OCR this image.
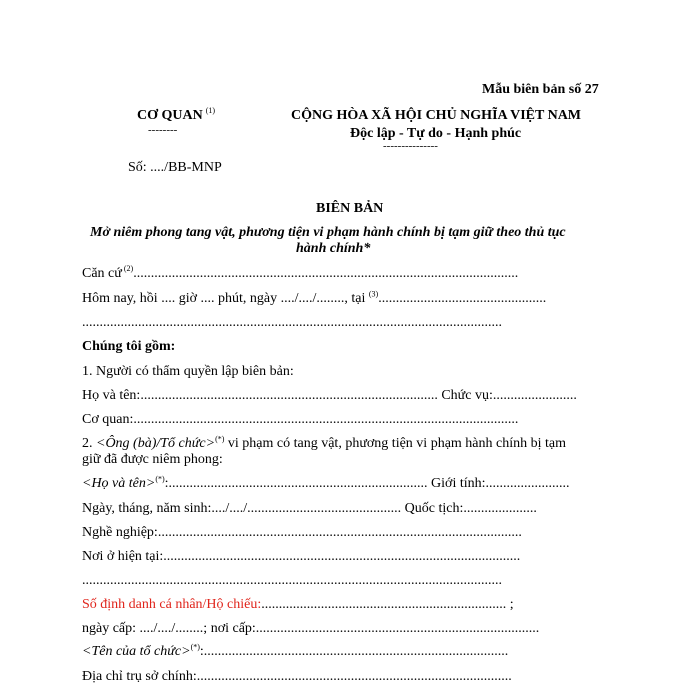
Mẫu biên bản số 27
CƠ QUAN $^{(1)}$
--------
Số: ..../BB-MNP
CỘNG HÒA XÃ HỘI CHỦ NGHĨA VIỆT NAM
Độc lập - Tự do - Hạnh phúc
---------------
BIÊN BẢN
Mở niêm phong tang vật, phương tiện vi phạm hành chính bị tạm giữ theo thủ tục
hành chính*
Căn cứ $^{(2)}$..............................................................................................................
Hôm nay, hồi .... giờ .... phút, ngày ..../..../........, tại $^{(3)}$................................................
........................................................................................................................
Chúng tôi gồm:
1. Người có thẩm quyền lập biên bản:
Họ và tên:..................................................................................... Chức vụ:........................
Cơ quan:..............................................................................................................
2. <Ông (bà)/Tổ chức>(*) vi phạm có tang vật, phương tiện vi phạm hành chính bị tạm
giữ đã được niêm phong:
<Họ và tên>(*):.......................................................................... Giới tính:........................
Ngày, tháng, năm sinh:..../..../............................................ Quốc tịch:.....................
Nghề nghiệp:........................................................................................................
Nơi ở hiện tại:......................................................................................................
........................................................................................................................
Số định danh cá nhân/Hộ chiếu:...................................................................... ;
ngày cấp: ..../..../........; nơi cấp:.................................................................................
<Tên của tổ chức>(*):.......................................................................................
Địa chỉ trụ sở chính:..........................................................................................
